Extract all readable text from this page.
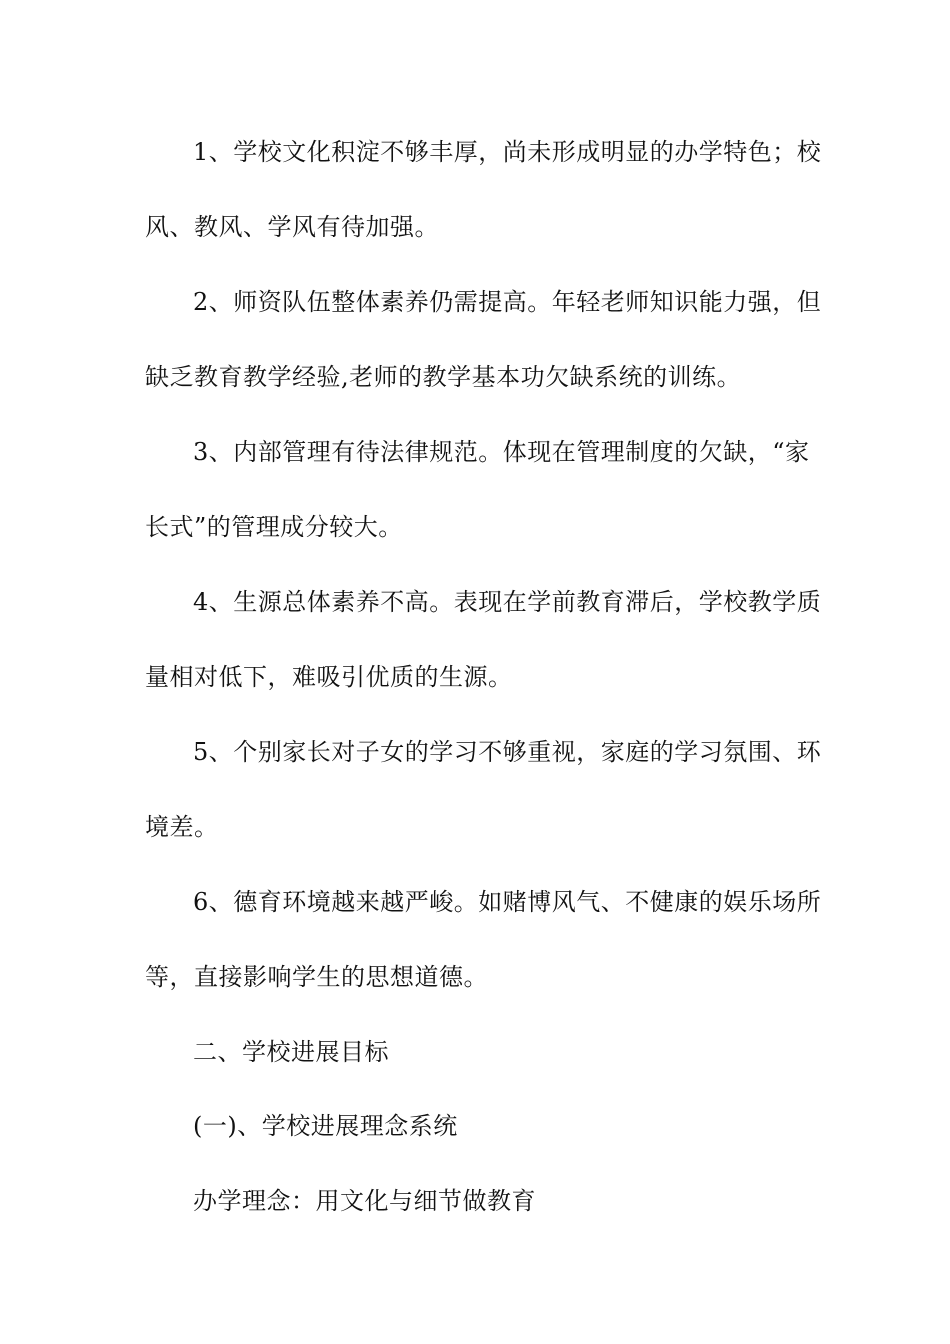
1、学校文化积淀不够丰厚，尚未形成明显的办学特色；校
风、教风、学风有待加强。
2、师资队伍整体素养仍需提高。年轻老师知识能力强，但
缺乏教育教学经验,老师的教学基本功欠缺系统的训练。
3、内部管理有待法律规范。体现在管理制度的欠缺，“家
长式”的管理成分较大。
4、生源总体素养不高。表现在学前教育滞后，学校教学质
量相对低下，难吸引优质的生源。
5、个别家长对子女的学习不够重视，家庭的学习氛围、环
境差。
6、德育环境越来越严峻。如赌博风气、不健康的娱乐场所
等，直接影响学生的思想道德。
二、学校进展目标
(一)、学校进展理念系统
办学理念：用文化与细节做教育
